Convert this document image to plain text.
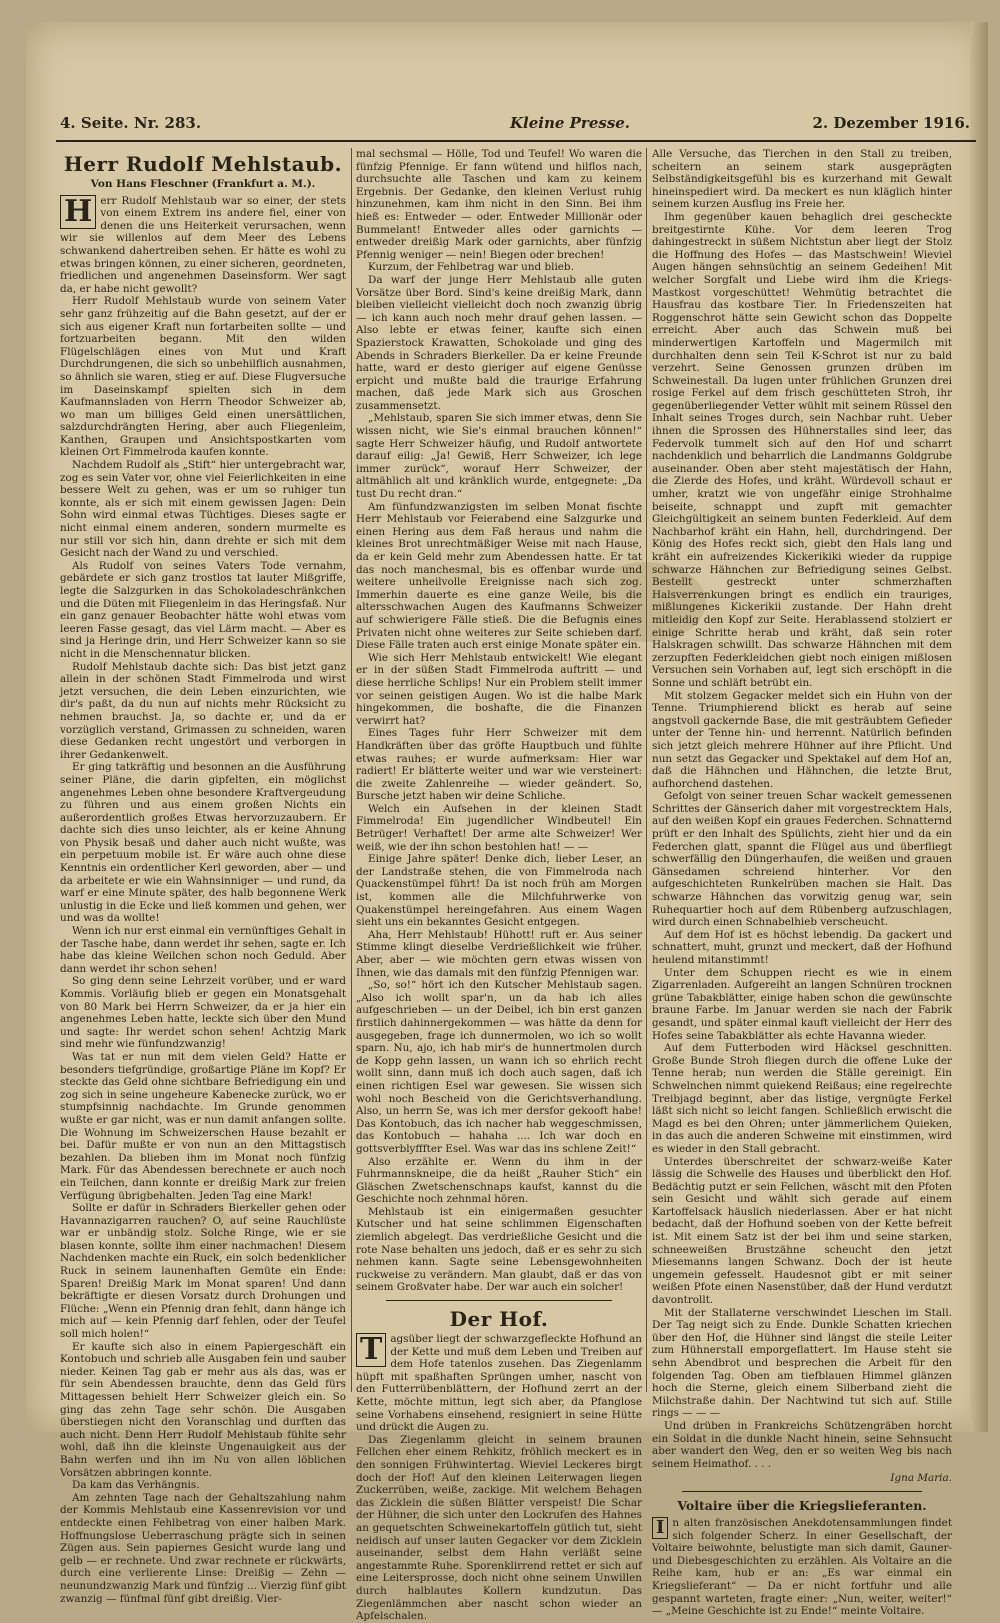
4. Seite. Nr. 283.	Kleine Presse.	2. Dezember 1916.
Herr Rudolf Mehlstaub.
Von Hans Fleschner (Frankfurt a. M.).

H err Rudolf Mehlstaub war so einer, der stets von einem Extrem ins andere fiel, einer von denen die uns Heiterkeit verursachen, wenn wir sie willenlos auf dem Meer des Lebens schwankend dahertreiben sehen. Er hätte es wohl zu etwas bringen können, zu einer sicheren, geordneten, friedlichen und angenehmen Daseinsform. Wer sagt da, er habe nicht gewollt?

Herr Rudolf Mehlstaub wurde von seinem Vater sehr ganz frühzeitig auf die Bahn gesetzt, auf der er sich aus eigener Kraft nun fortarbeiten sollte — und fortzuarbeiten begann. Mit den wilden Flügelschlägen eines von Mut und Kraft Durchdrungenen, die sich so unbehilflich ausnahmen, so ähnlich sie waren, stieg er auf. Diese Flugversuche im Daseinskampf spielten sich in dem Kaufmannsladen von Herrn Theodor Schweizer ab, wo man um billiges Geld einen unersättlichen, salzdurchdrängten Hering, aber auch Fliegenleim, Kanthen, Graupen und Ansichtspostkarten vom kleinen Ort Fimmelroda kaufen konnte.

Nachdem Rudolf als „Stift“ hier untergebracht war, zog es sein Vater vor, ohne viel Feierlichkeiten in eine bessere Welt zu gehen, was er um so ruhiger tun konnte, als er sich mit einem gewissen Jagen: Dein Sohn wird einmal etwas Tüchtiges. Dieses sagte er nicht einmal einem anderen, sondern murmelte es nur still vor sich hin, dann drehte er sich mit dem Gesicht nach der Wand zu und verschied.

Als Rudolf von seines Vaters Tode vernahm, gebärdete er sich ganz trostlos tat lauter Mißgriffe, legte die Salzgurken in das Schokoladeschränkchen und die Düten mit Fliegenleim in das Heringsfaß. Nur ein ganz genauer Beobachter hätte wohl etwas vom leeren Fasse gesagt, das viel Lärm macht. — Aber es sind ja Heringe drin, und Herr Schweizer kann so sie nicht in die Menschennatur blicken.

Rudolf Mehlstaub dachte sich: Das bist jetzt ganz allein in der schönen Stadt Fimmelroda und wirst jetzt versuchen, die dein Leben einzurichten, wie dir's paßt, da du nun auf nichts mehr Rücksicht zu nehmen brauchst. Ja, so dachte er, und da er vorzüglich verstand, Grimassen zu schneiden, waren diese Gedanken recht ungestört und verborgen in ihrer Gedankenwelt.

Er ging tatkräftig und besonnen an die Ausführung seiner Pläne, die darin gipfelten, ein möglichst angenehmes Leben ohne besondere Kraftvergeudung zu führen und aus einem großen Nichts ein außerordentlich großes Etwas hervorzuzaubern. Er dachte sich dies unso leichter, als er keine Ahnung von Physik besaß und daher auch nicht wußte, was ein perpetuum mobile ist. Er wäre auch ohne diese Kenntnis ein ordentlicher Kerl geworden, aber — und da arbeitete er wie ein Wahnsinniger — und rund, da warf er eine Minute später, des halb begonnene Werk unlustig in die Ecke und ließ kommen und gehen, wer und was da wollte!

Wenn ich nur erst einmal ein vernünftiges Gehalt in der Tasche habe, dann werdet ihr sehen, sagte er. Ich habe das kleine Weilchen schon noch Geduld. Aber dann werdet ihr schon sehen!

So ging denn seine Lehrzeit vorüber, und er ward Kommis. Vorläufig blieb er gegen ein Monatsgehalt von 80 Mark bei Herrn Schweizer, da er ja hier ein angenehmes Leben hatte, leckte sich über den Mund und sagte: Ihr werdet schon sehen! Achtzig Mark sind mehr wie fünfundzwanzig!

Was tat er nun mit dem vielen Geld? Hatte er besonders tiefgründige, großartige Pläne im Kopf? Er steckte das Geld ohne sichtbare Befriedigung ein und zog sich in seine ungeheure Kabenecke zurück, wo er stumpfsinnig nachdachte. Im Grunde genommen wußte er gar nicht, was er nun damit anfangen sollte. Die Wohnung im Schweizerschen Hause bezahlt er bei. Dafür mußte er von nun an den Mittagstisch bezahlen. Da blieben ihm im Monat noch fünfzig Mark. Für das Abendessen berechnete er auch noch ein Teilchen, dann konnte er dreißig Mark zur freien Verfügung übrigbehalten. Jeden Tag eine Mark!

Sollte er dafür in Schraders Bierkeller gehen oder Havannazigarren rauchen? O, auf seine Rauchlüste war er unbändig stolz. Solche Ringe, wie er sie blasen konnte, sollte ihm einer nachmachen! Diesem Nachdenken machte ein Ruck, ein solch bedenklicher Ruck in seinem launenhaften Gemüte ein Ende: Sparen! Dreißig Mark im Monat sparen! Und dann bekräftigte er diesen Vorsatz durch Drohungen und Flüche: „Wenn ein Pfennig dran fehlt, dann hänge ich mich auf — kein Pfennig darf fehlen, oder der Teufel soll mich holen!“

Er kaufte sich also in einem Papiergeschäft ein Kontobuch und schrieb alle Ausgaben fein und sauber nieder. Keinen Tag gab er mehr aus als das, was er für sein Abendessen brauchte, denn das Geld fürs Mittagessen behielt Herr Schweizer gleich ein. So ging das zehn Tage sehr schön. Die Ausgaben überstiegen nicht den Voranschlag und durften das auch nicht. Denn Herr Rudolf Mehlstaub fühlte sehr wohl, daß ihn die kleinste Ungenauigkeit aus der Bahn werfen und ihn im Nu von allen löblichen Vorsätzen abbringen konnte.

Da kam das Verhängnis.

Am zehnten Tage nach der Gehaltszahlung nahm der Kommis Mehlstaub eine Kassenrevision vor und entdeckte einen Fehlbetrag von einer halben Mark. Hoffnungslose Ueberraschung prägte sich in seinen Zügen aus. Sein papiernes Gesicht wurde lang und gelb — er rechnete. Und zwar rechnete er rückwärts, durch eine verlierente Linse: Dreißig — Zehn — neunundzwanzig Mark und fünfzig ... Vierzig fünf gibt zwanzig — fünfmal fünf gibt dreißig. Vier-

mal sechsmal — Hölle, Tod und Teufel! Wo waren die fünfzig Pfennige. Er fann wütend und hilflos nach, durchsuchte alle Taschen und kam zu keinem Ergebnis. Der Gedanke, den kleinen Verlust ruhig hinzunehmen, kam ihm nicht in den Sinn. Bei ihm hieß es: Entweder — oder. Entweder Millionär oder Bummelant! Entweder alles oder garnichts — entweder dreißig Mark oder garnichts, aber fünfzig Pfennig weniger — nein! Biegen oder brechen!

Kurzum, der Fehlbetrag war und blieb.

Da warf der junge Herr Mehlstaub alle guten Vorsätze über Bord. Sind's keine dreißig Mark, dann bleiben vielleicht vielleicht doch noch zwanzig übrig — ich kann auch noch mehr drauf gehen lassen. — Also lebte er etwas feiner, kaufte sich einen Spazierstock Krawatten, Schokolade und ging des Abends in Schraders Bierkeller. Da er keine Freunde hatte, ward er desto gieriger auf eigene Genüsse erpicht und mußte bald die traurige Erfahrung machen, daß jede Mark sich aus Groschen zusammensetzt.

„Mehlstaub, sparen Sie sich immer etwas, denn Sie wissen nicht, wie Sie's einmal brauchen können!“ sagte Herr Schweizer häufig, und Rudolf antwortete darauf eilig: „Ja! Gewiß, Herr Schweizer, ich lege immer zurück“, worauf Herr Schweizer, der altmählich alt und kränklich wurde, entgegnete: „Da tust Du recht dran.“

Am fünfundzwanzigsten im selben Monat fischte Herr Mehlstaub vor Feierabend eine Salzgurke und einen Hering aus dem Faß heraus und nahm die kleines Brot unrechtmäßiger Weise mit nach Hause, da er kein Geld mehr zum Abendessen hatte. Er tat das noch manchesmal, bis es offenbar wurde und weitere unheilvolle Ereignisse nach sich zog. Immerhin dauerte es eine ganze Weile, bis die altersschwachen Augen des Kaufmanns Schweizer auf schwierigere Fälle stieß. Die die Befugnis eines Privaten nicht ohne weiteres zur Seite schieben darf. Diese Fälle traten auch erst einige Monate später ein.

Wie sich Herr Mehlstaub entwickelt! Wie elegant er in der süßen Stadt Fimmelroda auftritt — und diese herrliche Schlips! Nur ein Problem stellt immer vor seinen geistigen Augen. Wo ist die halbe Mark hingekommen, die boshafte, die die Finanzen verwirrt hat?

Eines Tages fuhr Herr Schweizer mit dem Handkräften über das gröfte Hauptbuch und fühlte etwas rauhes; er wurde aufmerksam: Hier war radiert! Er blätterte weiter und war wie versteinert: die zweite Zahlenreihe — wieder geändert. So, Bursche jetzt haben wir deine Schliche.

Welch ein Aufsehen in der kleinen Stadt Fimmelroda! Ein jugendlicher Windbeutel! Ein Betrüger! Verhaftet! Der arme alte Schweizer! Wer weiß, wie der ihn schon bestohlen hat! — —

Einige Jahre später! Denke dich, lieber Leser, an der Landstraße stehen, die von Fimmelroda nach Quackenstümpel führt! Da ist noch früh am Morgen ist, kommen alle die Milchfuhrwerke von Quakenstümpel hereingefahren. Aus einem Wagen sieht uns ein bekanntes Gesicht entgegen.

Aha, Herr Mehlstaub! Hühott! ruft er. Aus seiner Stimme klingt dieselbe Verdrießlichkeit wie früher. Aber, aber — wie möchten gern etwas wissen von Ihnen, wie das damals mit den fünfzig Pfennigen war.

„So, so!“ hört ich den Kutscher Mehlstaub sagen. „Also ich wollt spar'n, un da hab ich alles aufgeschrieben — un der Deibel, ich bin erst ganzen firstlich dahinnergekommen — was hätte da denn for ausgegeben, frage ich dunnermolen, wo ich so wollt sparn. Nu, ajo, ich hab mir's de hunnertmolen durch de Kopp gehn lassen, un wann ich so ehrlich recht wollt sinn, dann muß ich doch auch sagen, daß ich einen richtigen Esel war gewesen. Sie wissen sich wohl noch Bescheid von die Gerichtsverhandlung. Also, un herrn Se, was ich mer dersfor gekooft habe! Das Kontobuch, das ich nacher hab weggeschmissen, das Kontobuch — hahaha .... Ich war doch en gottsverblyfffter Esel. Was war das ins schlene Zeit!“

Also erzählte er. Wenn du ihm in der Fuhrmannskneipe, die da heißt „Rauher Stich“ ein Gläschen Zwetschenschnaps kaufst, kannst du die Geschichte noch zehnmal hören.

Mehlstaub ist ein einigermaßen gesuchter Kutscher und hat seine schlimmen Eigenschaften ziemlich abgelegt. Das verdrießliche Gesicht und die rote Nase behalten uns jedoch, daß er es sehr zu sich nehmen kann. Sagte seine Lebensgewohnheiten ruckweise zu verändern. Man glaubt, daß er das von seinem Großvater habe. Der war auch ein solcher!

Der Hof.

T agsüber liegt der schwarzgefleckte Hofhund an der Kette und muß dem Leben und Treiben auf dem Hofe tatenlos zusehen. Das Ziegenlamm hüpft mit spaßhaften Sprüngen umher, nascht von den Futterrübenblättern, der Hofhund zerrt an der Kette, möchte mittun, legt sich aber, da Pfanglose seine Vorhabens einsehend, resigniert in seine Hütte und drückt die Augen zu.

Das Ziegenlamm gleicht in seinem braunen Fellchen eher einem Rehkitz, fröhlich meckert es in den sonnigen Frühwintertag. Wieviel Leckeres birgt doch der Hof! Auf den kleinen Leiterwagen liegen Zuckerrüben, weiße, zackige. Mit welchem Behagen das Zicklein die süßen Blätter verspeist! Die Schar der Hühner, die sich unter den Lockrufen des Hahnes an gequetschten Schweinekartoffeln gütlich tut, sieht neidisch auf unser lauten Gegacker vor dem Zicklein auseinander, selbst dem Hahn verläßt seine angestammte Ruhe. Sporenklirrend rettet er sich auf eine Leitersprosse, doch nicht ohne seinem Unwillen durch halblautes Kollern kundzutun. Das Ziegenlämmchen aber nascht schon wieder an Apfelschalen.

Alle Versuche, das Tierchen in den Stall zu treiben, scheitern an seinem stark ausgeprägten Selbständigkeitsgefühl bis es kurzerhand mit Gewalt hineinspediert wird. Da meckert es nun kläglich hinter seinem kurzen Ausflug ins Freie her.

Ihm gegenüber kauen behaglich drei gescheckte breitgestirnte Kühe. Vor dem leeren Trog dahingestreckt in süßem Nichtstun aber liegt der Stolz die Hoffnung des Hofes — das Mastschwein! Wieviel Augen hängen sehnsüchtig an seinem Gedeihen! Mit welcher Sorgfalt und Liebe wird ihm die Kriegs-Mastkost vorgeschüttet! Wehmütig betrachtet die Hausfrau das kostbare Tier. In Friedenszeiten hat Roggenschrot hätte sein Gewicht schon das Doppelte erreicht. Aber auch das Schwein muß bei minderwertigen Kartoffeln und Magermilch mit durchhalten denn sein Teil K-Schrot ist nur zu bald verzehrt. Seine Genossen grunzen drüben im Schweinestall. Da lugen unter frühlichen Grunzen drei rosige Ferkel auf dem frisch geschütteten Stroh, ihr gegenüberliegender Vetter wühlt mit seinem Rüssel den Inhalt seines Troges durch, sein Nachbar ruht. Ueber ihnen die Sprossen des Hühnerstalles sind leer, das Federvolk tummelt sich auf den Hof und scharrt nachdenklich und beharrlich die Landmanns Goldgrube auseinander. Oben aber steht majestätisch der Hahn, die Zierde des Hofes, und kräht. Würdevoll schaut er umher, kratzt wie von ungefähr einige Strohhalme beiseite, schnappt und zupft mit gemachter Gleichgültigkeit an seinem bunten Federkleid. Auf dem Nachbarhof kräht ein Hahn, hell, durchdringend. Der König des Hofes reckt sich, giebt den Hals lang und kräht ein aufreizendes Kickerikiki wieder da ruppige schwarze Hähnchen zur Befriedigung seines Gelbst. Bestellt gestreckt unter schmerzhaften Halsverrenkungen bringt es endlich ein trauriges, mißlungenes Kickerikii zustande. Der Hahn dreht mitleidig den Kopf zur Seite. Herablassend stolziert er einige Schritte herab und kräht, daß sein roter Halskragen schwillt. Das schwarze Hähnchen mit dem zerzupften Federkleidchen giebt noch einigen mißlosen Versuchen sein Vorhaben auf, legt sich erschöpft in die Sonne und schläft betrübt ein.

Mit stolzem Gegacker meldet sich ein Huhn von der Tenne. Triumphierend blickt es herab auf seine angstvoll gackernde Base, die mit gesträubtem Gefieder unter der Tenne hin- und herrennt. Natürlich befinden sich jetzt gleich mehrere Hühner auf ihre Pflicht. Und nun setzt das Gegacker und Spektakel auf dem Hof an, daß die Hähnchen und Hähnchen, die letzte Brut, aufhorchend dastehen.

Gefolgt von seiner treuen Schar wackelt gemessenen Schrittes der Gänserich daher mit vorgestrecktem Hals, auf den weißen Kopf ein graues Federchen. Schnatternd prüft er den Inhalt des Spülichts, zieht hier und da ein Federchen glatt, spannt die Flügel aus und überfliegt schwerfällig den Düngerhaufen, die weißen und grauen Gänsedamen schreiend hinterher. Vor den aufgeschichteten Runkelrüben machen sie Halt. Das schwarze Hähnchen das vorwitzig genug war, sein Ruhequartier hoch auf dem Rübenberg aufzuschlagen, wird durch einen Schnabelhieb verscheucht.

Auf dem Hof ist es höchst lebendig. Da gackert und schnattert, muht, grunzt und meckert, daß der Hofhund heulend mitanstimmt!

Unter dem Schuppen riecht es wie in einem Zigarrenladen. Aufgereiht an langen Schnüren trocknen grüne Tabakblätter, einige haben schon die gewünschte braune Farbe. Im Januar werden sie nach der Fabrik gesandt, und später einmal kauft vielleicht der Herr des Hofes seine Tabakblätter als echte Havanna wieder.

Auf dem Futterboden wird Häcksel geschnitten. Große Bunde Stroh fliegen durch die offene Luke der Tenne herab; nun werden die Ställe gereinigt. Ein Schwelnchen nimmt quiekend Reißaus; eine regelrechte Treibjagd beginnt, aber das listige, vergnügte Ferkel läßt sich nicht so leicht fangen. Schließlich erwischt die Magd es bei den Ohren; unter jämmerlichem Quieken, in das auch die anderen Schweine mit einstimmen, wird es wieder in den Stall gebracht.

Unterdes überschreitet der schwarz-weiße Kater lässig die Schwelle des Hauses und überblickt den Hof. Bedächtig putzt er sein Fellchen, wäscht mit den Pfoten sein Gesicht und wählt sich gerade auf einem Kartoffelsack häuslich niederlassen. Aber er hat nicht bedacht, daß der Hofhund soeben von der Kette befreit ist. Mit einem Satz ist der bei ihm und seine starken, schneeweißen Brustzähne scheucht den jetzt Miesemanns langen Schwanz. Doch der ist heute ungemein gefesselt. Haudesnot gibt er mit seiner weißen Pfote einen Nasenstüber, daß der Hund verdutzt davontrollt.

Mit der Stallaterne verschwindet Lieschen im Stall. Der Tag neigt sich zu Ende. Dunkle Schatten kriechen über den Hof, die Hühner sind längst die steile Leiter zum Hühnerstall emporgeflattert. Im Hause steht sie sehn Abendbrot und besprechen die Arbeit für den folgenden Tag. Oben am tiefblauen Himmel glänzen hoch die Sterne, gleich einem Silberband zieht die Milchstraße dahin. Der Nachtwind tut sich auf. Stille rings — — —

Und drüben in Frankreichs Schützengräben horcht ein Soldat in die dunkle Nacht hinein, seine Sehnsucht aber wandert den Weg, den er so weiten Weg bis nach seinem Heimathof. . . .

Igna Maria.

Voltaire über die Kriegslieferanten.

I n alten französischen Anekdotensammlungen findet sich folgender Scherz. In einer Gesellschaft, der Voltaire beiwohnte, belustigte man sich damit, Gauner- und Diebesgeschichten zu erzählen. Als Voltaire an die Reihe kam, hub er an: „Es war einmal ein Kriegslieferant“ — Da er nicht fortfuhr und alle gespannt warteten, fragte einer: „Nun, weiter, weiter!“ — „Meine Geschichte ist zu Ende!“ meinte Voltaire.
